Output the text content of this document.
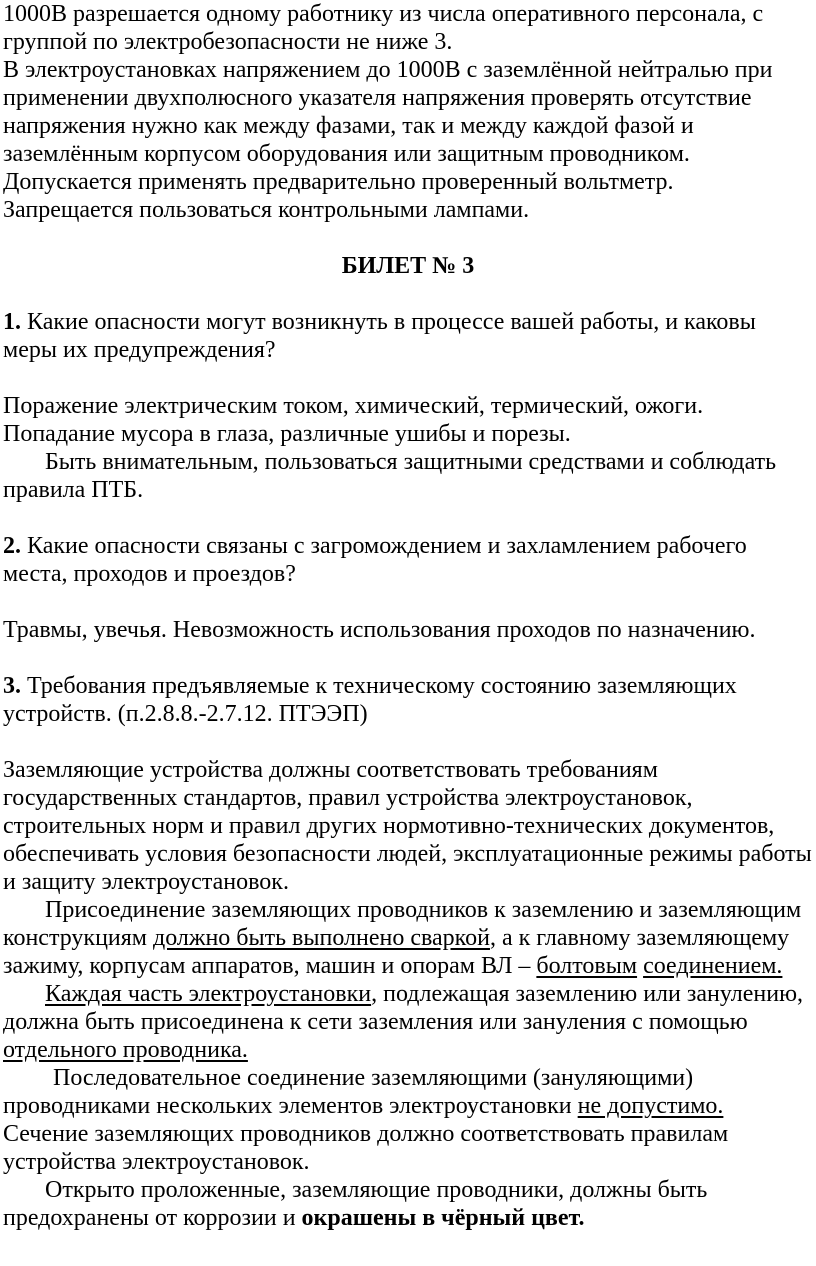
1000В разрешается одному работнику из числа оперативного персонала, с группой по электробезопасности не ниже 3.

В электроустановках напряжением до 1000В с заземлённой нейтралью при применении двухполюсного указателя напряжения проверять отсутствие напряжения нужно как между фазами, так и между каждой фазой и заземлённым корпусом оборудования или защитным проводником.

Допускается применять предварительно проверенный вольтметр.

Запрещается пользоваться контрольными лампами.

БИЛЕТ № 3

1. Какие опасности могут возникнуть в процессе вашей работы, и каковы меры их предупреждения?

Поражение электрическим током, химический, термический, ожоги. Попадание мусора в глаза, различные ушибы и порезы.

Быть внимательным, пользоваться защитными средствами и соблюдать правила ПТБ.

2. Какие опасности связаны с загромождением и захламлением рабочего места, проходов и проездов?

Травмы, увечья. Невозможность использования проходов по назначению.

3. Требования предъявляемые к техническому состоянию заземляющих устройств. (п.2.8.8.-2.7.12. ПТЭЭП)

Заземляющие устройства должны соответствовать требованиям государственных стандартов, правил устройства электроустановок, строительных норм и правил других нормотивно-технических документов, обеспечивать условия безопасности людей, эксплуатационные режимы работы и защиту электроустановок.

Присоединение заземляющих проводников к заземлению и заземляющим конструкциям должно быть выполнено сваркой, а к главному заземляющему зажиму, корпусам аппаратов, машин и опорам ВЛ – болтовым соединением.

Каждая часть электроустановки, подлежащая заземлению или занулению, должна быть присоединена к сети заземления или зануления с помощью отдельного проводника.

Последовательное соединение заземляющими (зануляющими) проводниками нескольких элементов электроустановки не допустимо. Сечение заземляющих проводников должно соответствовать правилам устройства электроустановок.

Открыто проложенные, заземляющие проводники, должны быть предохранены от коррозии и окрашены в чёрный цвет.
